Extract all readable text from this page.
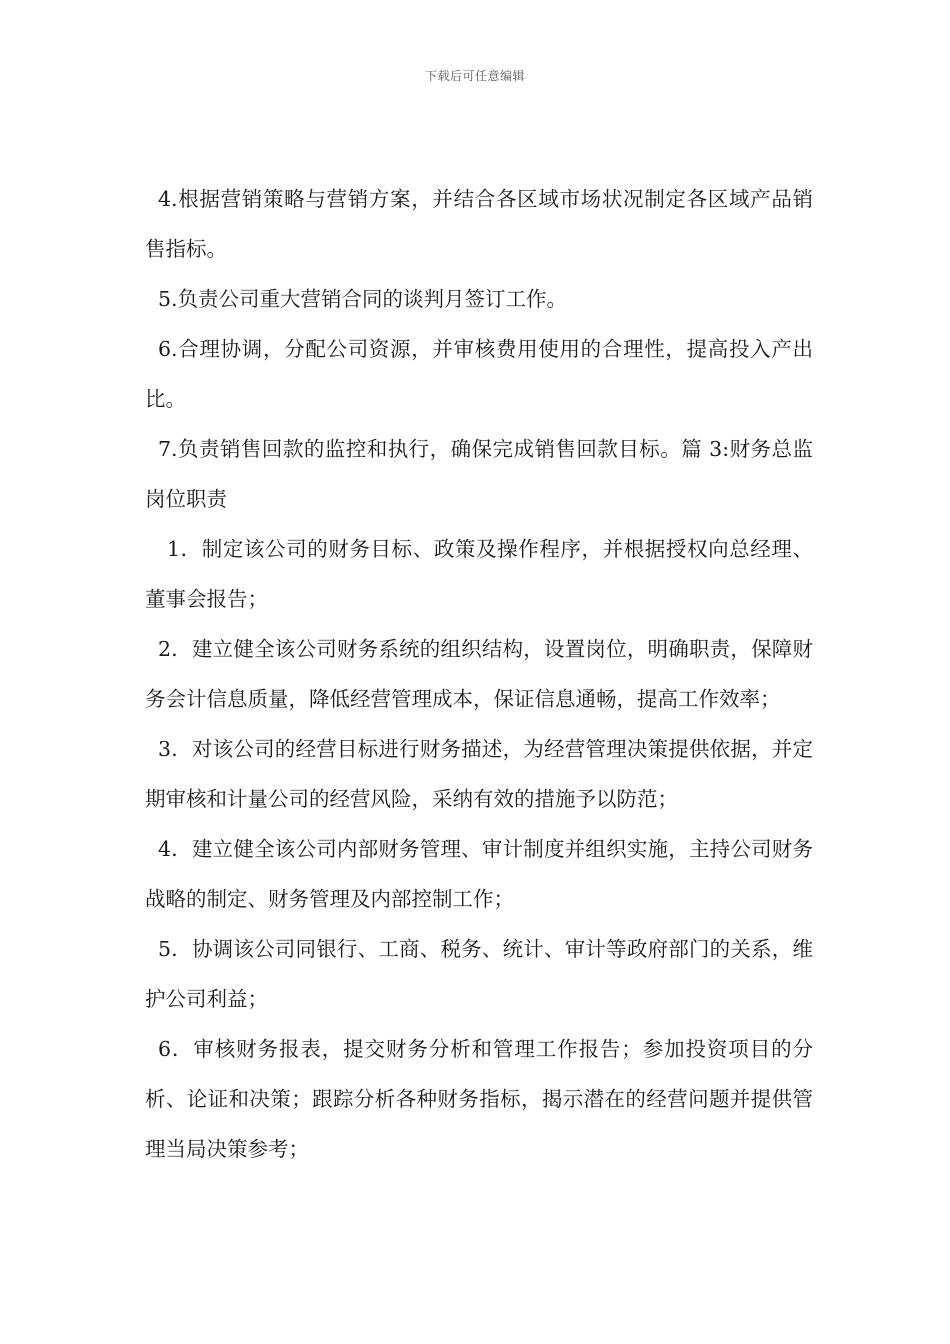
下载后可任意编辑

4.根据营销策略与营销方案，并结合各区域市场状况制定各区域产品销售指标。

5.负责公司重大营销合同的谈判月签订工作。

6.合理协调，分配公司资源，并审核费用使用的合理性，提高投入产出比。

7.负责销售回款的监控和执行，确保完成销售回款目标。篇 3:财务总监岗位职责

1．制定该公司的财务目标、政策及操作程序，并根据授权向总经理、董事会报告；

2．建立健全该公司财务系统的组织结构，设置岗位，明确职责，保障财务会计信息质量，降低经营管理成本，保证信息通畅，提高工作效率；

3．对该公司的经营目标进行财务描述，为经营管理决策提供依据，并定期审核和计量公司的经营风险，采纳有效的措施予以防范；

4．建立健全该公司内部财务管理、审计制度并组织实施，主持公司财务战略的制定、财务管理及内部控制工作；

5．协调该公司同银行、工商、税务、统计、审计等政府部门的关系，维护公司利益；

6．审核财务报表，提交财务分析和管理工作报告；参加投资项目的分析、论证和决策；跟踪分析各种财务指标，揭示潜在的经营问题并提供管理当局决策参考；
